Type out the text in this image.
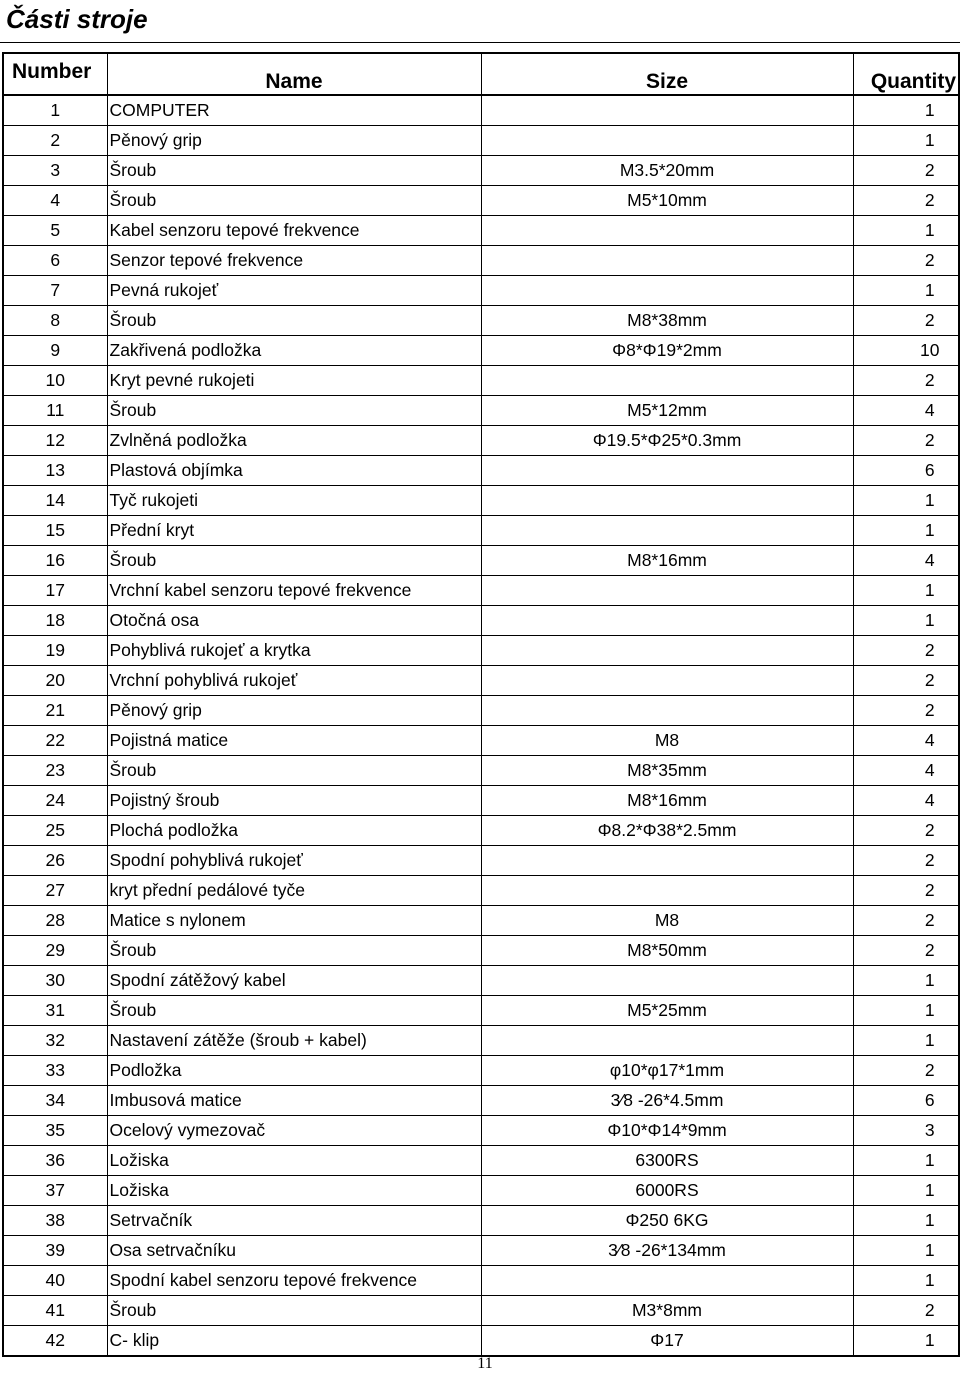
Části stroje
Number	Name	Size	Quantity
1	COMPUTER		1
2	Pěnový grip		1
3	Šroub	M3.5*20mm	2
4	Šroub	M5*10mm	2
5	Kabel senzoru tepové frekvence		1
6	Senzor tepové frekvence		2
7	Pevná rukojeť		1
8	Šroub	M8*38mm	2
9	Zakřivená podložka	Φ8*Φ19*2mm	10
10	Kryt pevné rukojeti		2
11	Šroub	M5*12mm	4
12	Zvlněná podložka	Φ19.5*Φ25*0.3mm	2
13	Plastová objímka		6
14	Tyč rukojeti		1
15	Přední kryt		1
16	Šroub	M8*16mm	4
17	Vrchní kabel senzoru tepové frekvence		1
18	Otočná osa		1
19	Pohyblivá rukojeť a krytka		2
20	Vrchní pohyblivá rukojeť		2
21	Pěnový grip		2
22	Pojistná matice	M8	4
23	Šroub	M8*35mm	4
24	Pojistný šroub	M8*16mm	4
25	Plochá podložka	Φ8.2*Φ38*2.5mm	2
26	Spodní pohyblivá rukojeť		2
27	kryt přední pedálové tyče		2
28	Matice s nylonem	M8	2
29	Šroub	M8*50mm	2
30	Spodní zátěžový kabel		1
31	Šroub	M5*25mm	1
32	Nastavení zátěže (šroub + kabel)		1
33	Podložka	φ10*φ17*1mm	2
34	Imbusová matice	3⁄8 -26*4.5mm	6
35	Ocelový vymezovač	Φ10*Φ14*9mm	3
36	Ložiska	6300RS	1
37	Ložiska	6000RS	1
38	Setrvačník	Φ250 6KG	1
39	Osa setrvačníku	3⁄8 -26*134mm	1
40	Spodní kabel senzoru tepové frekvence		1
41	Šroub	M3*8mm	2
42	C- klip	Φ17	1
11
